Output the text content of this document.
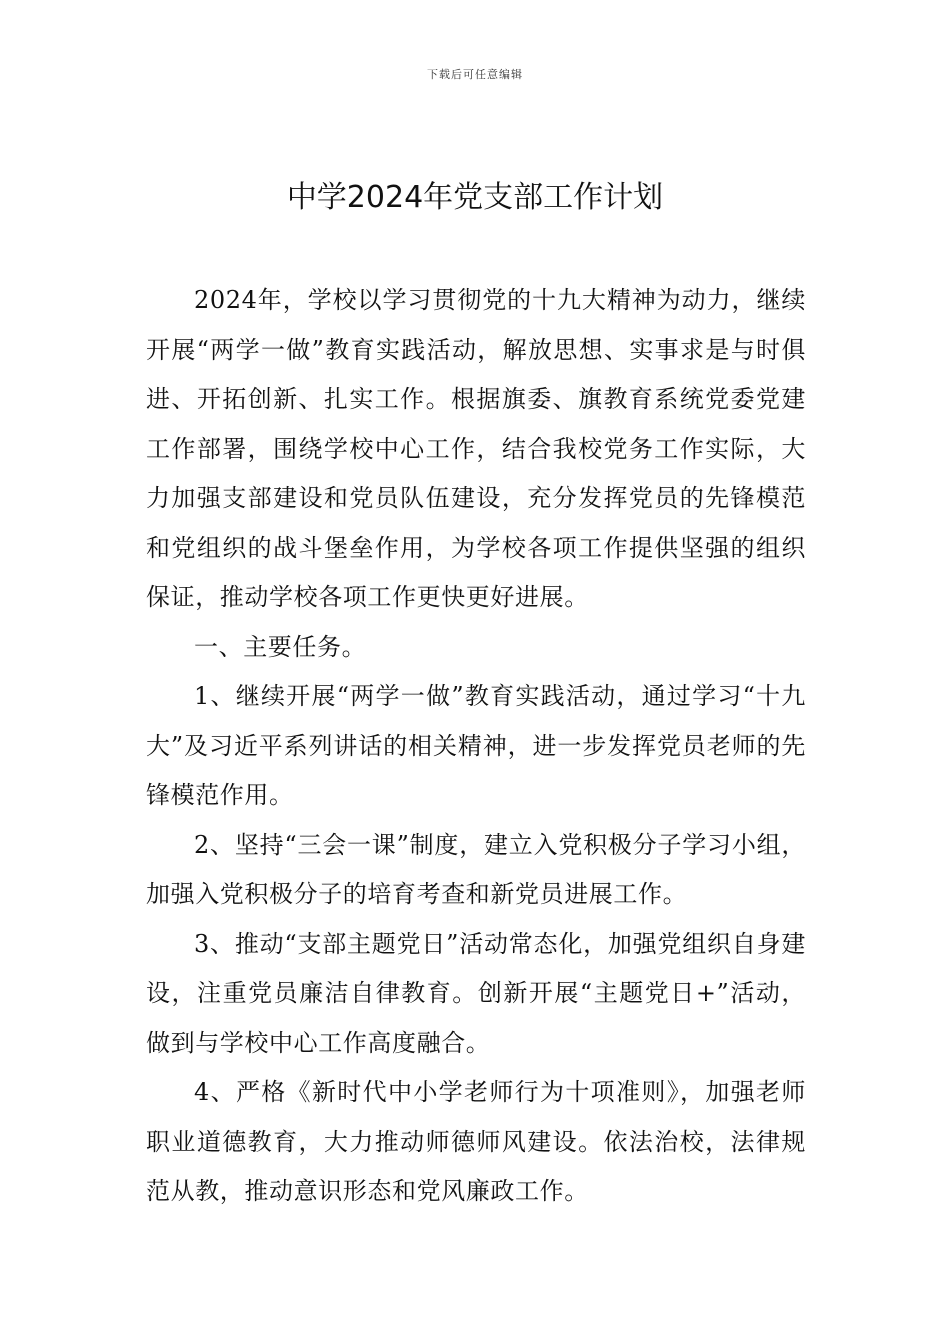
下载后可任意编辑
中学2024年党支部工作计划

2024年，学校以学习贯彻党的十九大精神为动力，继续开展“两学一做”教育实践活动，解放思想、实事求是与时俱进、开拓创新、扎实工作。根据旗委、旗教育系统党委党建工作部署，围绕学校中心工作，结合我校党务工作实际，大力加强支部建设和党员队伍建设，充分发挥党员的先锋模范和党组织的战斗堡垒作用，为学校各项工作提供坚强的组织保证，推动学校各项工作更快更好进展。

一、主要任务。

1、继续开展“两学一做”教育实践活动，通过学习“十九大”及习近平系列讲话的相关精神，进一步发挥党员老师的先锋模范作用。

2、坚持“三会一课”制度，建立入党积极分子学习小组，加强入党积极分子的培育考查和新党员进展工作。

3、推动“支部主题党日”活动常态化，加强党组织自身建设，注重党员廉洁自律教育。创新开展“主题党日+”活动，做到与学校中心工作高度融合。

4、严格《新时代中小学老师行为十项准则》，加强老师职业道德教育，大力推动师德师风建设。依法治校，法律规范从教，推动意识形态和党风廉政工作。
